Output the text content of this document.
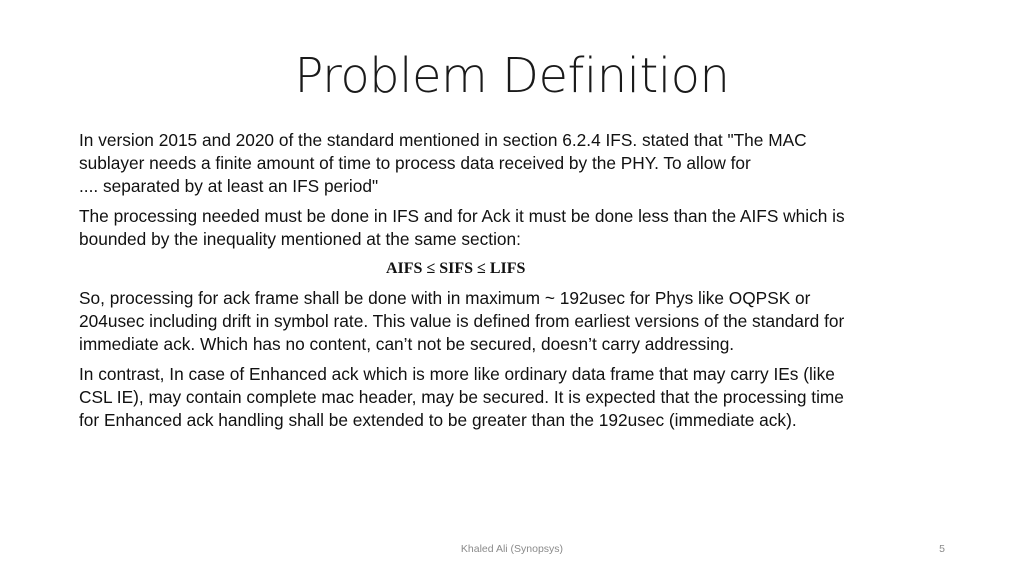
Problem Definition

In version 2015 and 2020 of the standard mentioned in section 6.2.4 IFS. stated that "The MAC
sublayer needs a finite amount of time to process data received by the PHY. To allow for
.... separated by at least an IFS period"

The processing needed must be done in IFS and for Ack it must be done less than the AIFS which is
bounded by the inequality mentioned at the same section:

AIFS ≤ SIFS ≤ LIFS

So, processing for ack frame shall be done with in maximum ~ 192usec for Phys like OQPSK or
204usec including drift in symbol rate. This value is defined from earliest versions of the standard for
immediate ack. Which has no content, can’t not be secured, doesn’t carry addressing.

In contrast, In case of Enhanced ack which is more like ordinary data frame that may carry IEs (like
CSL IE), may contain complete mac header, may be secured. It is expected that the processing time
for Enhanced ack handling shall be extended to be greater than the 192usec (immediate ack).

Khaled Ali (Synopsys)	5
